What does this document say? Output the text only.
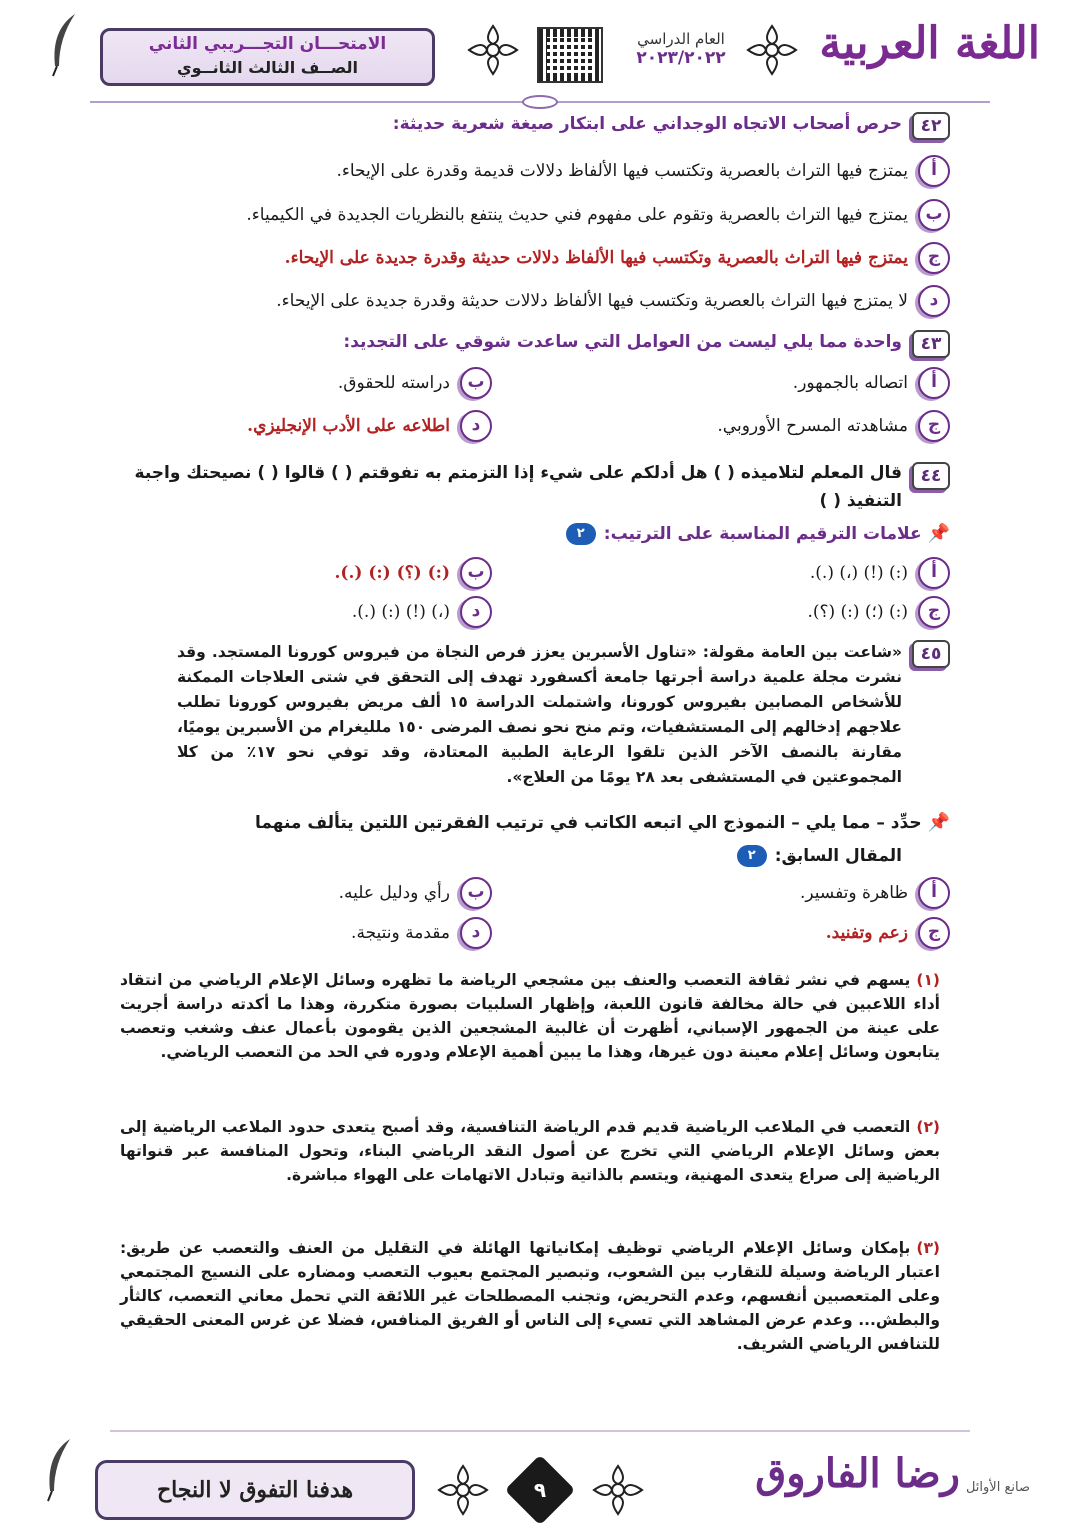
اللغة العربية
العام الدراسي
٢٠٢٣/٢٠٢٢
الامتحـــان التجـــريبي الثاني
الصــف الثالث الثانــوي
٤٢
حرص أصحاب الاتجاه الوجداني على ابتكار صيغة شعرية حديثة:
أ
يمتزج فيها التراث بالعصرية وتكتسب فيها الألفاظ دلالات قديمة وقدرة على الإيحاء.
ب
يمتزج فيها التراث بالعصرية وتقوم على مفهوم فني حديث ينتفع بالنظريات الجديدة في الكيمياء.
ج
يمتزج فيها التراث بالعصرية وتكتسب فيها الألفاظ دلالات حديثة وقدرة جديدة على الإيحاء.
د
لا يمتزج فيها التراث بالعصرية وتكتسب فيها الألفاظ دلالات حديثة وقدرة جديدة على الإيحاء.
٤٣
واحدة مما يلي ليست من العوامل التي ساعدت شوقي على التجديد:
أ
اتصاله بالجمهور.
ب
دراسته للحقوق.
ج
مشاهدته المسرح الأوروبي.
د
اطلاعه على الأدب الإنجليزي.
٤٤
قال المعلم لتلاميذه ( ) هل أدلكم على شيء إذا التزمتم به تفوقتم ( ) قالوا ( ) نصيحتك واجبة
التنفيذ ( )
📌علامات الترقيم المناسبة على الترتيب:٢
أ
(:) (!) (،) (.).
ب
(:) (؟) (:) (.).
ج
(:) (؛) (:) (؟).
د
(،) (!) (:) (.).
٤٥
«شاعت بين العامة مقولة: «تناول الأسبرين يعزز فرص النجاة من فيروس كورونا المستجد. وقد نشرت مجلة علمية دراسة أجرتها جامعة أكسفورد تهدف إلى التحقق في شتى العلاجات الممكنة للأشخاص المصابين بفيروس كورونا، واشتملت الدراسة ١٥ ألف مريض بفيروس كورونا تطلب علاجهم إدخالهم إلى المستشفيات، وتم منح نحو نصف المرضى ١٥٠ ملليغرام من الأسبرين يوميًا، مقارنة بالنصف الآخر الذين تلقوا الرعاية الطبية المعتادة، وقد توفي نحو ١٧٪ من كلا المجموعتين في المستشفى بعد ٢٨ يومًا من العلاج».
📌حدِّد – مما يلي – النموذج الي اتبعه الكاتب في ترتيب الفقرتين اللتين يتألف منهما
المقال السابق:٢
أ
ظاهرة وتفسير.
ب
رأي ودليل عليه.
ج
زعم وتفنيد.
د
مقدمة ونتيجة.
(١)يسهم في نشر ثقافة التعصب والعنف بين مشجعي الرياضة ما تظهره وسائل الإعلام الرياضي من انتقاد أداء اللاعبين في حالة مخالفة قانون اللعبة، وإظهار السلبيات بصورة متكررة، وهذا ما أكدته دراسة أجريت على عينة من الجمهور الإسباني، أظهرت أن غالبية المشجعين الذين يقومون بأعمال عنف وشغب وتعصب يتابعون وسائل إعلام معينة دون غيرها، وهذا ما يبين أهمية الإعلام ودوره في الحد من التعصب الرياضي.
(٢)التعصب في الملاعب الرياضية قديم قدم الرياضة التنافسية، وقد أصبح يتعدى حدود الملاعب الرياضية إلى بعض وسائل الإعلام الرياضي التي تخرج عن أصول النقد الرياضي البناء، وتحول المنافسة عبر قنواتها الرياضية إلى صراع يتعدى المهنية، ويتسم بالذاتية وتبادل الاتهامات على الهواء مباشرة.
(٣)بإمكان وسائل الإعلام الرياضي توظيف إمكانياتها الهائلة في التقليل من العنف والتعصب عن طريق: اعتبار الرياضة وسيلة للتقارب بين الشعوب، وتبصير المجتمع بعيوب التعصب ومضاره على النسيج المجتمعي وعلى المتعصبين أنفسهم، وعدم التحريض، وتجنب المصطلحات غير اللائقة التي تحمل معاني التعصب، كالثأر والبطش... وعدم عرض المشاهد التي تسيء إلى الناس أو الفريق المنافس، فضلا عن غرس المعنى الحقيقي للتنافس الرياضي الشريف.
هدفنا التفوق لا النجاح	٩	رضا الفاروق صانع الأوائل
